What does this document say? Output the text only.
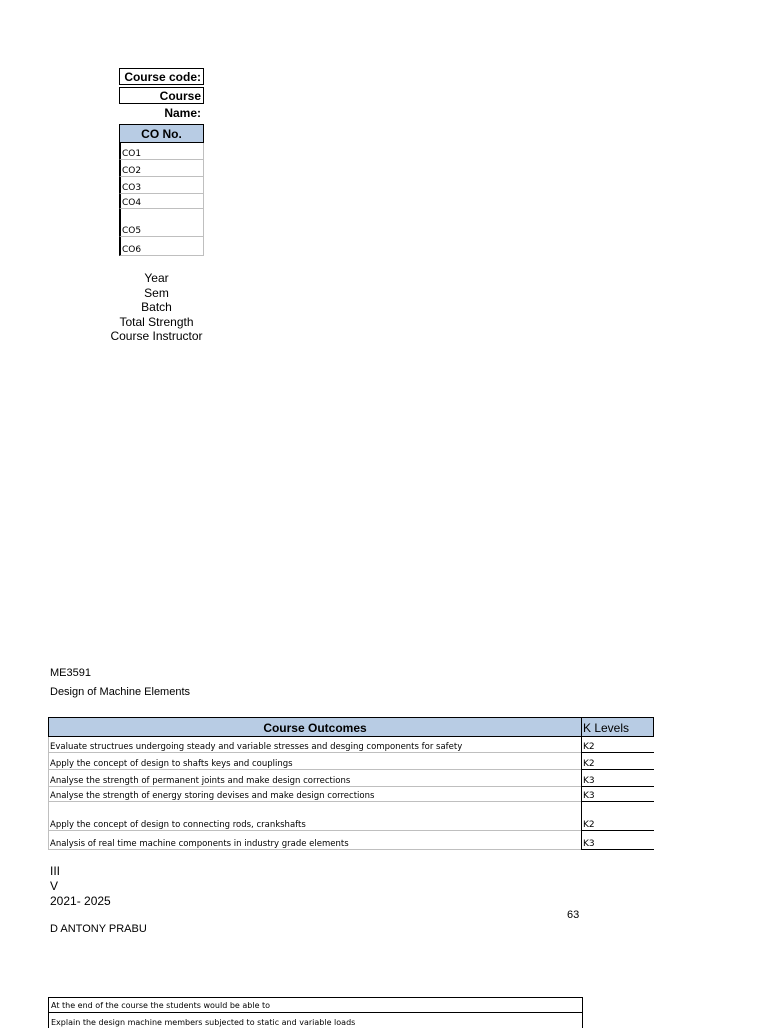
Course code:
Course Name:
CO No.
CO1
CO2
CO3
CO4
CO5
CO6
Year
Sem
Batch
Total Strength
Course Instructor
ME3591
Design of Machine Elements
Course Outcomes	K Levels
Evaluate structrues undergoing steady and variable stresses and desging components for safety
Apply the concept of design to shafts keys and couplings
Analyse the strength of permanent joints and make design corrections
Analyse the strength of energy storing devises and make design corrections
Apply the concept of design to connecting rods, crankshafts
Analysis of real time machine components in industry grade elements
K2
K2
K3
K3
K2
K3
III
V
2021- 2025
63
D ANTONY PRABU
At the end of the course the students would be able to
Explain the design machine members subjected to static and variable loads
